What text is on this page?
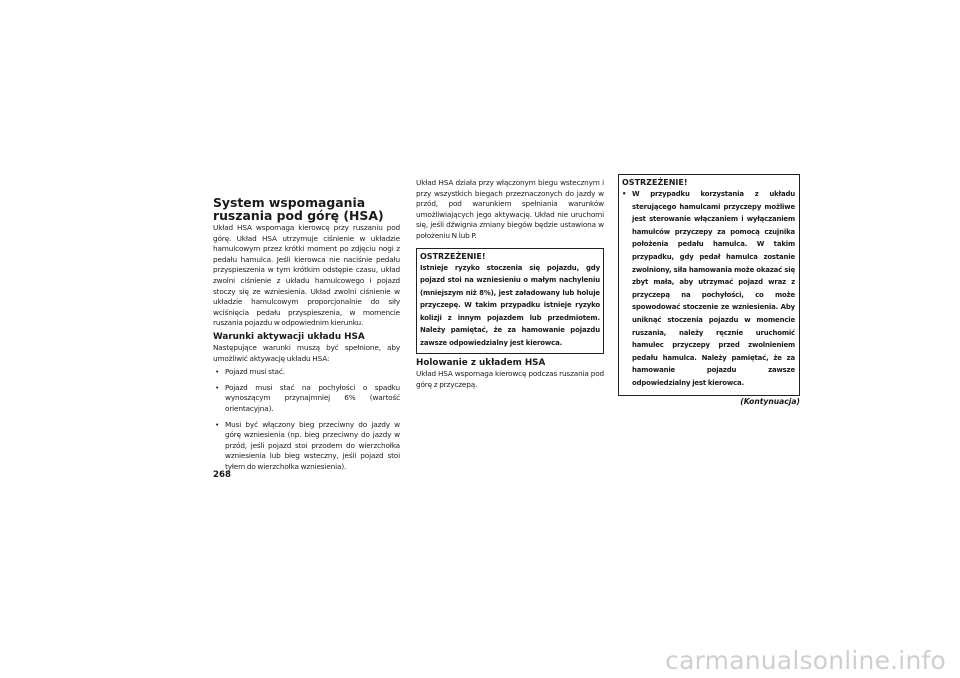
System wspomagania ruszania pod górę (HSA)

Układ HSA wspomaga kierowcę przy ruszaniu pod górę. Układ HSA utrzymuje ciśnienie w układzie hamulcowym przez krótki moment po zdjęciu nogi z pedału hamulca. Jeśli kierowca nie naciśnie pedału przyspieszenia w tym krótkim odstępie czasu, układ zwolni ciśnienie z układu hamulcowego i pojazd stoczy się ze wzniesienia. Układ zwolni ciśnienie w układzie hamulcowym proporcjonalnie do siły wciśnięcia pedału przyspieszenia, w momencie ruszania pojazdu w odpowiednim kierunku.

Warunki aktywacji układu HSA

Następujące warunki muszą być spełnione, aby umożliwić aktywację układu HSA:

• Pojazd musi stać.
• Pojazd musi stać na pochyłości o spadku wynoszącym przynajmniej 6% (wartość orientacyjna).
• Musi być włączony bieg przeciwny do jazdy w górę wzniesienia (np. bieg przeciwny do jazdy w przód, jeśli pojazd stoi przodem do wierzchołka wzniesienia lub bieg wsteczny, jeśli pojazd stoi tyłem do wierzchołka wzniesienia).

Układ HSA działa przy włączonym biegu wstecznym i przy wszystkich biegach przeznaczonych do jazdy w przód, pod warunkiem spełniania warunków umożliwiających jego aktywację. Układ nie uruchomi się, jeśli dźwignia zmiany biegów będzie ustawiona w położeniu N lub P.

OSTRZEŻENIE!
Istnieje ryzyko stoczenia się pojazdu, gdy pojazd stoi na wzniesieniu o małym nachyleniu (mniejszym niż 8%), jest załadowany lub holuje przyczepę. W takim przypadku istnieje ryzyko kolizji z innym pojazdem lub przedmiotem. Należy pamiętać, że za hamowanie pojazdu zawsze odpowiedzialny jest kierowca.
Holowanie z układem HSA

Układ HSA wspomaga kierowcę podczas ruszania pod górę z przyczepą.

OSTRZEŻENIE!
• W przypadku korzystania z układu sterującego hamulcami przyczepy możliwe jest sterowanie włączaniem i wyłączaniem hamulców przyczepy za pomocą czujnika położenia pedału hamulca. W takim przypadku, gdy pedał hamulca zostanie zwolniony, siła hamowania może okazać się zbyt mała, aby utrzymać pojazd wraz z przyczepą na pochyłości, co może spowodować stoczenie ze wzniesienia. Aby uniknąć stoczenia pojazdu w momencie ruszania, należy ręcznie uruchomić hamulec przyczepy przed zwolnieniem pedału hamulca. Należy pamiętać, że za hamowanie pojazdu zawsze odpowiedzialny jest kierowca.
(Kontynuacja)
268
carmanualsonline.info
